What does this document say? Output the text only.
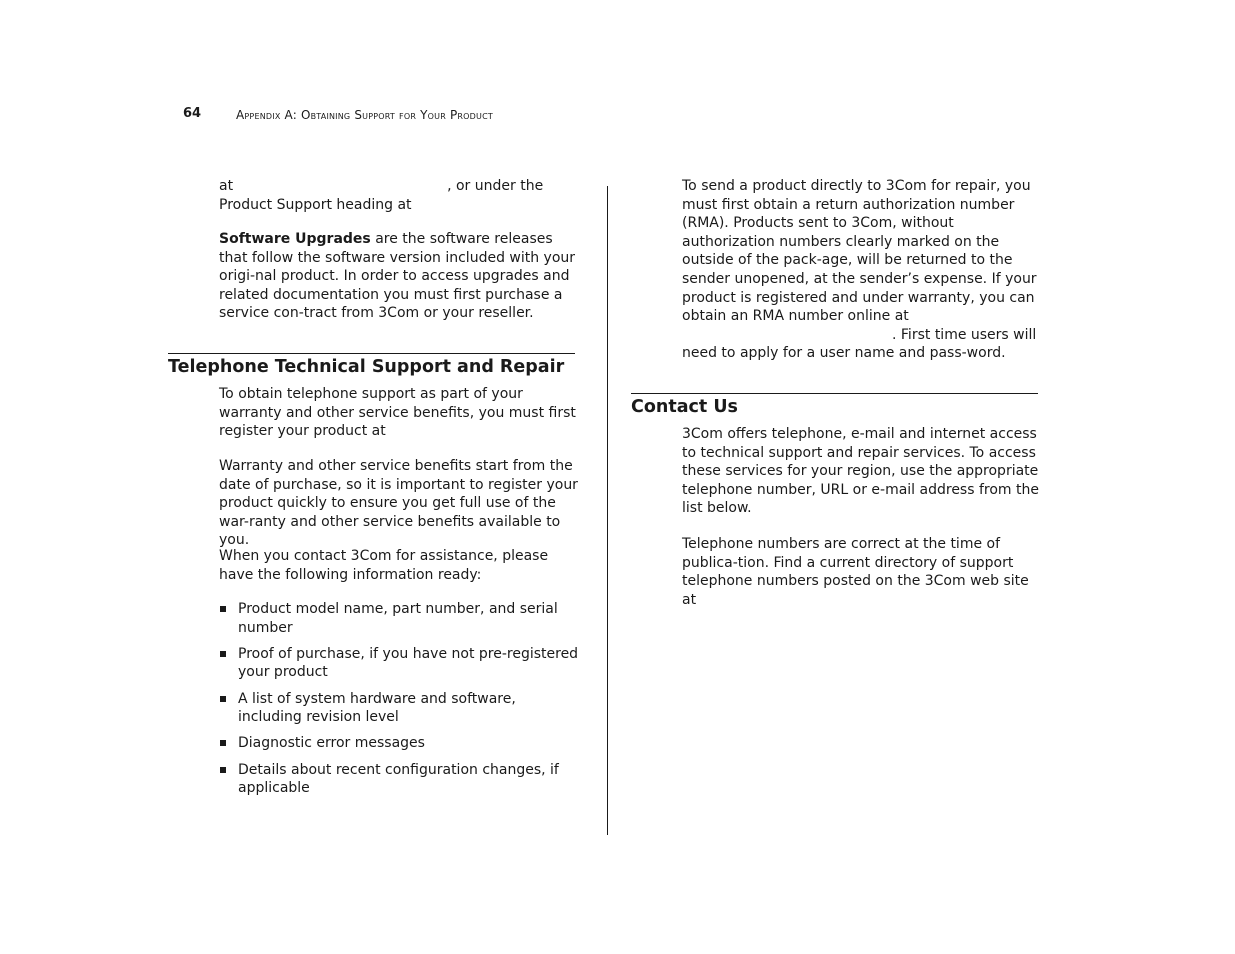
64	Appendix A: Obtaining Support for Your Product

at	, or under the
Product Support heading at

Software Upgrades are the software releases that follow the software version included with your origi-nal product. In order to access upgrades and related documentation you must first purchase a service con-tract from 3Com or your reseller.

Telephone Technical Support and Repair

To obtain telephone support as part of your warranty and other service benefits, you must first register your product at

Warranty and other service benefits start from the date of purchase, so it is important to register your product quickly to ensure you get full use of the war-ranty and other service benefits available to you.

When you contact 3Com for assistance, please have the following information ready:

Product model name, part number, and serial number
Proof of purchase, if you have not pre-registered your product
A list of system hardware and software, including revision level
Diagnostic error messages
Details about recent configuration changes, if applicable

To send a product directly to 3Com for repair, you must first obtain a return authorization number (RMA). Products sent to 3Com, without authorization numbers clearly marked on the outside of the pack-age, will be returned to the sender unopened, at the sender’s expense. If your product is registered and under warranty, you can obtain an RMA number online at. First time users will need to apply for a user name and pass-word.

Contact Us

3Com offers telephone, e-mail and internet access to technical support and repair services. To access these services for your region, use the appropriate telephone number, URL or e-mail address from the list below.

Telephone numbers are correct at the time of publica-tion. Find a current directory of support telephone numbers posted on the 3Com web site at
